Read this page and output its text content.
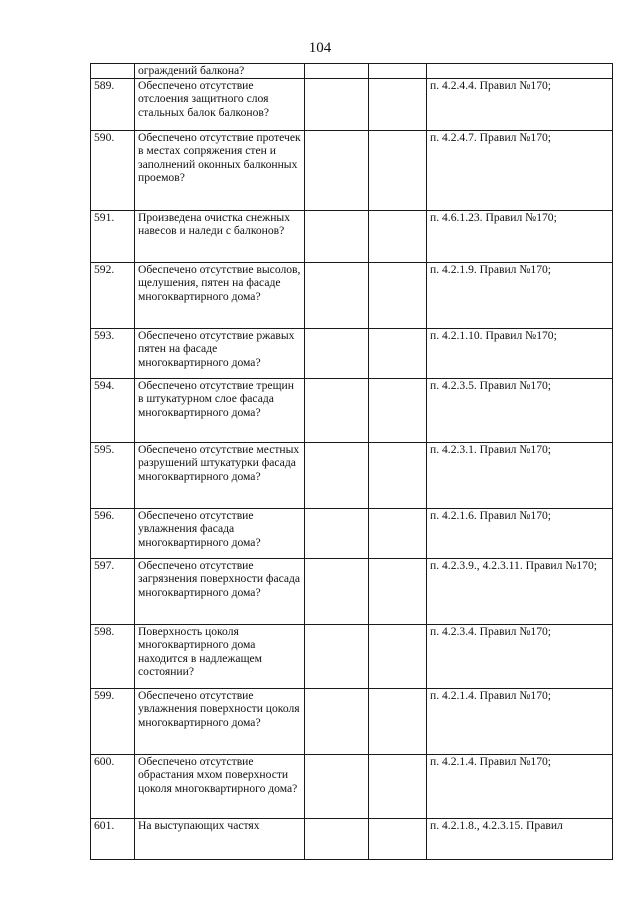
104
	ограждений балкона?			
589.	Обеспечено отсутствие отслоения защитного слоя стальных балок балконов?			п. 4.2.4.4. Правил №170;
590.	Обеспечено отсутствие протечек в местах сопряжения стен и заполнений оконных балконных проемов?			п. 4.2.4.7. Правил №170;
591.	Произведена очистка снежных навесов и наледи с балконов?			п. 4.6.1.23. Правил №170;
592.	Обеспечено отсутствие высолов, щелушения, пятен на фасаде многоквартирного дома?			п. 4.2.1.9. Правил №170;
593.	Обеспечено отсутствие ржавых пятен на фасаде многоквартирного дома?			п. 4.2.1.10. Правил №170;
594.	Обеспечено отсутствие трещин в штукатурном слое фасада многоквартирного дома?			п. 4.2.3.5. Правил №170;
595.	Обеспечено отсутствие местных разрушений штукатурки фасада многоквартирного дома?			п. 4.2.3.1. Правил №170;
596.	Обеспечено отсутствие увлажнения фасада многоквартирного дома?			п. 4.2.1.6. Правил №170;
597.	Обеспечено отсутствие загрязнения поверхности фасада многоквартирного дома?			п. 4.2.3.9., 4.2.3.11. Правил №170;
598.	Поверхность цоколя многоквартирного дома находится в надлежащем состоянии?			п. 4.2.3.4. Правил №170;
599.	Обеспечено отсутствие увлажнения поверхности цоколя многоквартирного дома?			п. 4.2.1.4. Правил №170;
600.	Обеспечено отсутствие обрастания мхом поверхности цоколя многоквартирного дома?			п. 4.2.1.4. Правил №170;
601.	На выступающих частях			п. 4.2.1.8., 4.2.3.15. Правил
